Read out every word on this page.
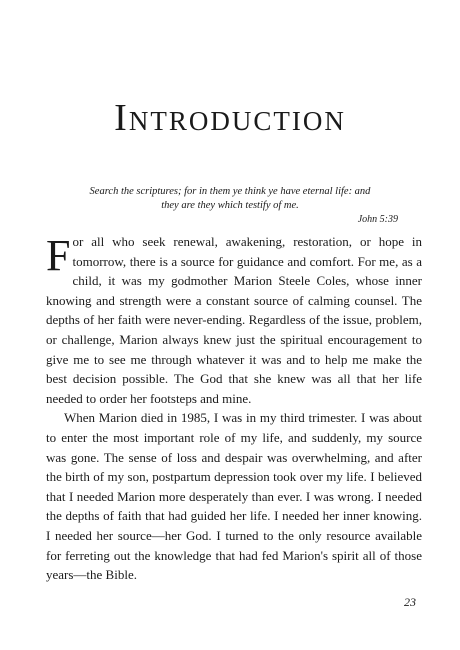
Introduction

Search the scriptures; for in them ye think ye have eternal life: and they are they which testify of me.

John 5:39

For all who seek renewal, awakening, restoration, or hope in tomorrow, there is a source for guidance and comfort. For me, as a child, it was my godmother Marion Steele Coles, whose inner knowing and strength were a constant source of calming counsel. The depths of her faith were never-ending. Regardless of the issue, problem, or challenge, Marion always knew just the spiritual encouragement to give me to see me through whatever it was and to help me make the best decision possible. The God that she knew was all that her life needed to order her footsteps and mine.

When Marion died in 1985, I was in my third trimester. I was about to enter the most important role of my life, and suddenly, my source was gone. The sense of loss and despair was overwhelming, and after the birth of my son, postpartum depression took over my life. I believed that I needed Marion more desperately than ever. I was wrong. I needed the depths of faith that had guided her life. I needed her inner knowing. I needed her source—her God. I turned to the only resource available for ferreting out the knowledge that had fed Marion's spirit all of those years—the Bible.

23
